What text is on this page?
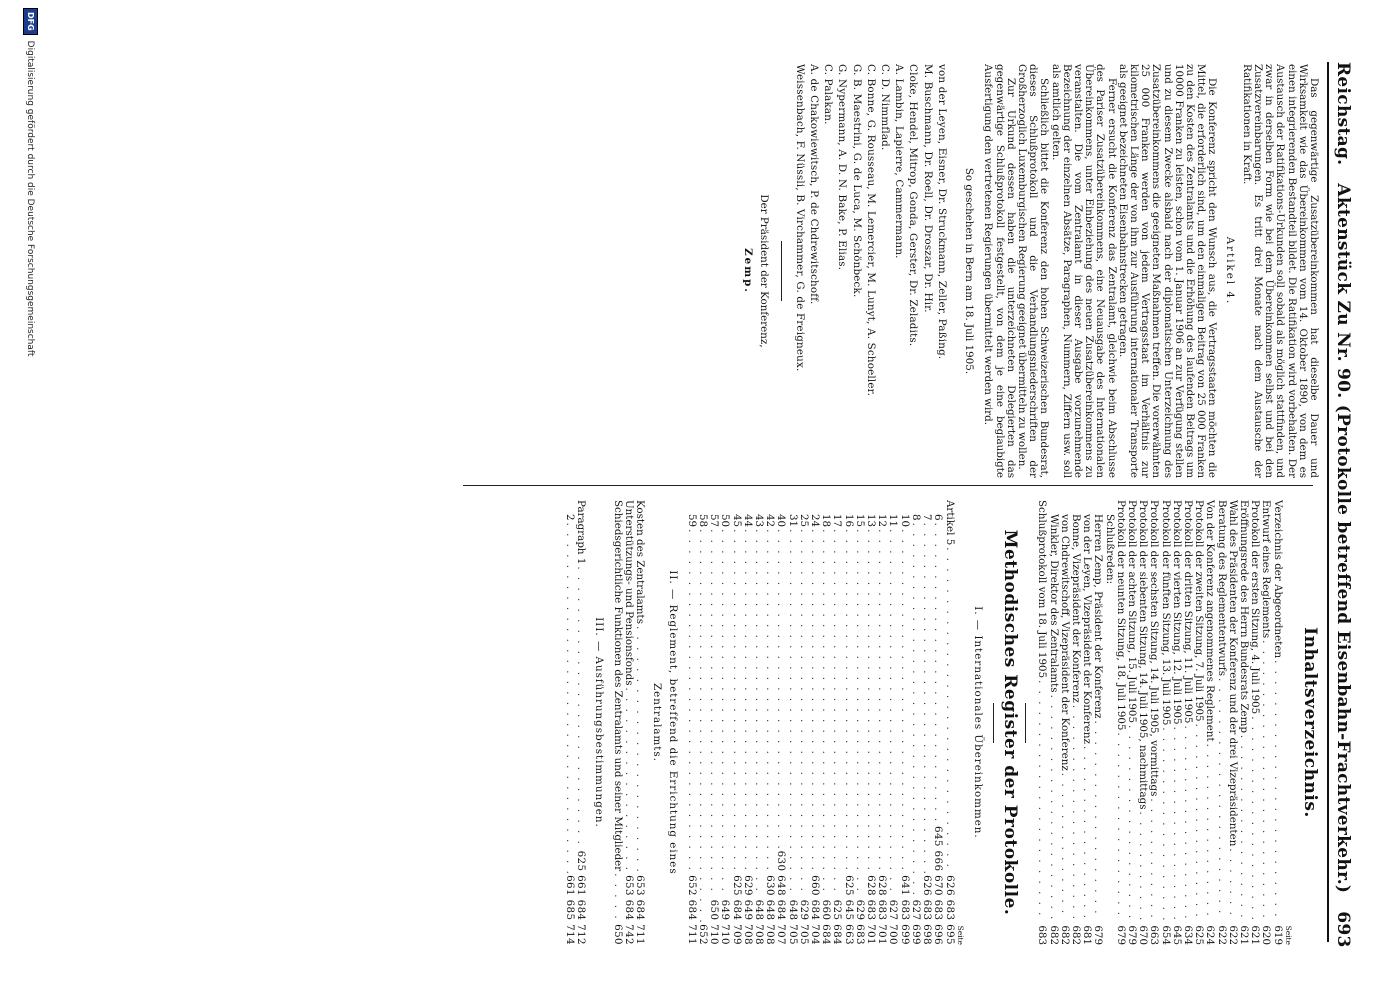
Reichstag.
Aktenstück Zu Nr. 90. (Protokolle betreffend Eisenbahn-Frachtverkehr.)
693

Das gegenwärtige Zusatzübereinkommen hat dieselbe Dauer und Wirksamkeit wie das Übereinkommen vom 14. Oktober 1890, von dem es einen integrierenden Bestandteil bildet. Die Ratifikation wird vorbehalten. Der Austausch der Ratifikations-Urkunden soll sobald als möglich stattfinden, und zwar in derselben Form wie bei dem Übereinkommen selbst und bei den Zusatzvereinbarungen. Es tritt drei Monate nach dem Austausche der Ratifikationen in Kraft.

Artikel 4.

Die Konferenz spricht den Wunsch aus, die Vertragsstaaten möchten die Mittel, die erforderlich sind, um den einmaligen Beitrag von 25 000 Franken zu den Kosten des Zentralamts und die Erhöhung des laufenden Beitrags um 10000 Franken zu leisten, schon vom 1. Januar 1906 an zur Verfügung stellen und zu diesem Zwecke alsbald nach der diplomatischen Unterzeichnung des Zusatzübereinkommens die geeigneten Maßnahmen treffen. Die vorerwähnten 25 000 Franken werden von jedem Vertragsstaat im Verhältnis zur kilometrischen Länge der von ihm zur Ausführung internationaler Transporte als geeignet bezeichneten Eisenbahnstrecken getragen.

Ferner ersucht die Konferenz das Zentralamt, gleichwie beim Abschlusse des Pariser Zusatzübereinkommens, eine Neuausgabe des Internationalen Übereinkommens, unter Einbeziehung des neuen Zusatzübereinkommens zu veranstalten. Die vom Zentralamt in dieser Ausgabe vorzunehmende Bezeichnung der einzelnen Absätze, Paragraphen, Nummern, Ziffern usw. soll als amtlich gelten.

Schließlich bittet die Konferenz den hohen Schweizerischen Bundesrat, dieses Schlußprotokoll und die Verhandlungsniederschriften der Großherzoglich Luxemburgischen Regierung geeignet übermitteln zu wollen.

Zur Urkund dessen haben die unterzeichneten Delegierten das gegenwärtige Schlußprotokoll festgestellt, von dem je eine beglaubigte Ausfertigung den vertretenen Regierungen übermittelt werden wird.

So geschehen in Bern am 18. Juli 1905.
von der Leyen, Eisner, Dr. Struckmann, Zeller, Paßing.
M. Buschmann, Dr. Roell, Dr. Droszar, Dr. Hir.
Cloke, Hendel, Mitrop, Gonda, Gerster, Dr. Zeladits.
A. Lambin, Lapierre, Cammermann.
C. D. Nimmflad.
C. Bonne, G. Rousseau, M. Lemercier, M. Lunyt, A. Schoeller.
G. B. Maestrini, G. de Luca, M. Schönbeck.
G. Nypermann, A. D. N. Bake, P. Elias.
C. Palakan.
A. de Chakowiewitsch, P. de Chdrewitschoff.
Weissenbach, F. Nüssli, B. Virchammer, G. de Freigneux.
Der Präsident der Konferenz,
Zemp.
Inhaltsverzeichnis.
Seite
Verzeichnis der Abgeordneten
. . .
619
Entwurf eines Reglements
. . .
620
Protokoll der ersten Sitzung, 4. Juli 1905
. . .
621
Eröffnungsrede des Herrn Bundesrats Zemp
. . .
621
Wahl des Präsidenten der Konferenz und der drei Vizepräsidenten
. . .
622
Beratung des Reglemententwurfs
. . .
622
Von der Konferenz angenommenes Reglement
. . .
624
Protokoll der zweiten Sitzung, 7. Juli 1905
. . .
625
Protokoll der dritten Sitzung, 11. Juli 1905
. . .
634
Protokoll der vierten Sitzung, 12. Juli 1905
. . .
645
Protokoll der fünften Sitzung, 13. Juli 1905
. . .
654
Protokoll der sechsten Sitzung, 14. Juli 1905, vormittags
. . .
663
Protokoll der siebenten Sitzung, 14. Juli 1905, nachmittags
. . .
670
Protokoll der achten Sitzung, 15. Juli 1905
. . .
679
Protokoll der neunten Sitzung, 18. Juli 1905
. . .
679
Schlußreden:
Herren Zemp, Präsident der Konferenz
. . .
679
von der Leyen, Vizepräsident der Konferenz
. . .
681
Bonne, Vizepräsident der Konferenz
. . .
682
von Chdrewitschoff, Vizepräsident der Konferenz
. . .
682
Winkler, Direktor des Zentralamts
. . .
682
Schlußprotokoll vom 18. Juli 1905
. . .
683
Methodisches Register der Protokolle.
I. — Internationales Übereinkommen.
Seite
Artikel 5
. . .
626 683 695
6
. . .
645 666 670 683 696
7
. . .
626 683 698
8
. . .
627 699
10
. . .
641 683 699
11
. . .
627 700
12
. . .
628 683 701
13
. . .
628 683 701
15
. . .
629 683
16
. . .
625 645 663
17
. . .
625 684
18
. . .
660 684
24
. . .
660 684 704
25
. . .
629 705
31
. . .
648 705
40
. . .
630 648 684 707
42
. . .
630 648 708
43
. . .
648 708
44
. . .
629 649 708
45
. . .
625 684 709
50
. . .
649 710
57
. . .
650 710
58
. . .
652
59
. . .
652 684 711
II. — Reglement, betreffend die Errichtung eines
Zentralamts.
Kosten des Zentralamts
. . .
653 684 711
Unterstützungs- und Pensionsfonds
. . .
653 684 742
Schiedsgerichtliche Funktionen des Zentralamts und seiner Mitglieder
. . .
650
III. — Ausführungsbestimmungen.
Paragraph 1
. . .
625 661 684 712
2
. . .
661 685 714
DFG
Digitalisierung gefördert durch die Deutsche Forschungsgemeinschaft
